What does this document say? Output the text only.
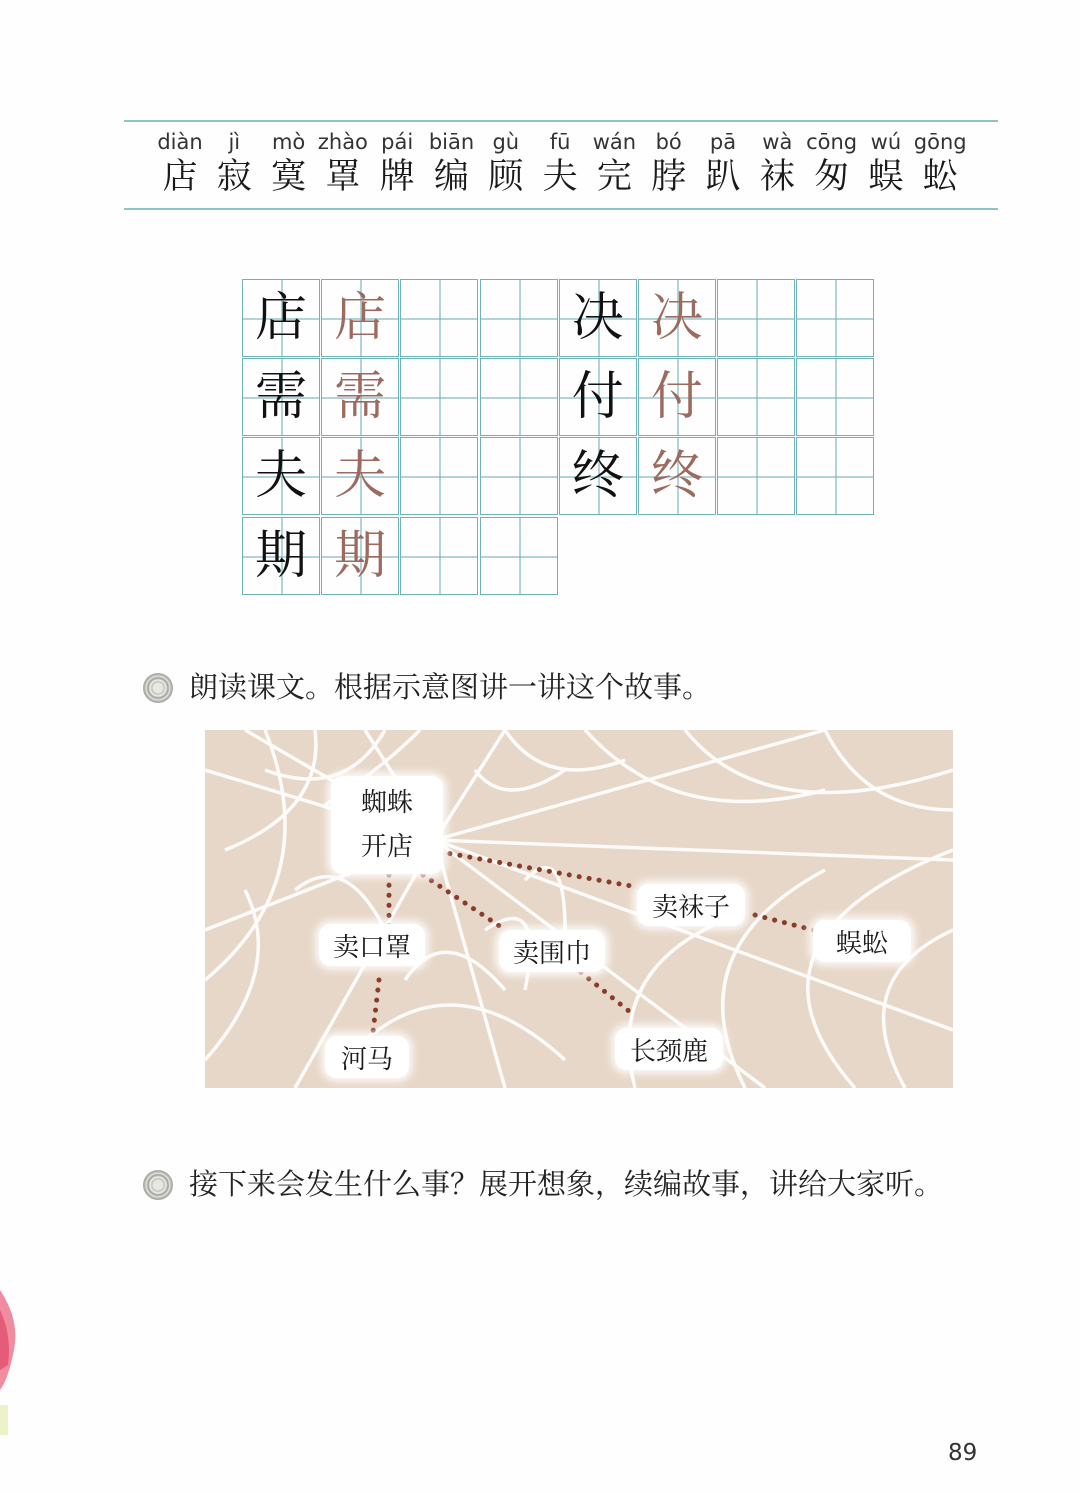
diàn
店
jì
寂
mò
寞
zhào
罩
pái
牌
biān
编
gù
顾
fū
夫
wán
完
bó
脖
pā
趴
wà
袜
cōng
匆
wú
蜈
gōng
蚣
店 店
需 需
夫 夫
期 期
决 决
付 付
终 终
朗读课文。根据示意图讲一讲这个故事。
蜘蛛
开店
卖口罩	卖围巾
卖袜子
河马	长颈鹿
蜈蚣
接下来会发生什么事？展开想象，续编故事，讲给大家听。
89
